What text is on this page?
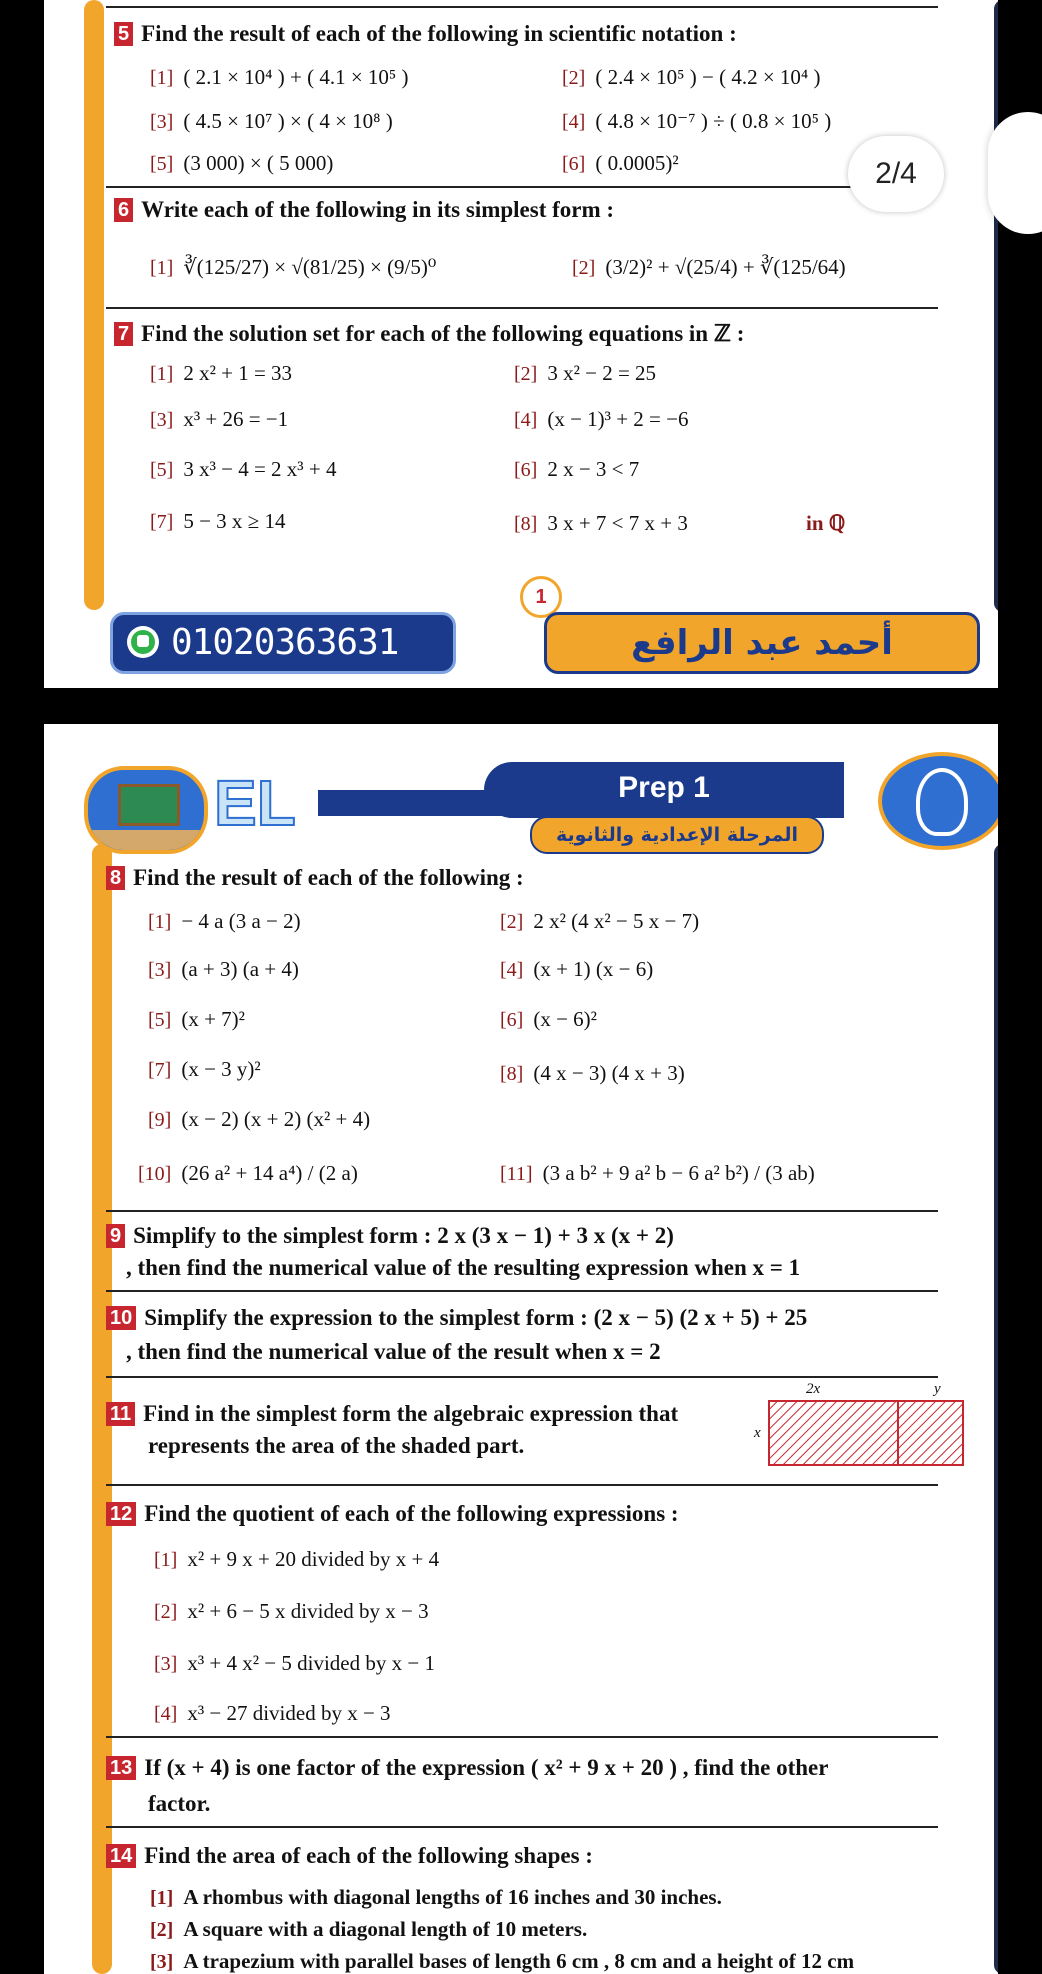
5 Find the result of each of the following in scientific notation :
[1] ( 2.1 × 10⁴ ) + ( 4.1 × 10⁵ )	[2] ( 2.4 × 10⁵ ) − ( 4.2 × 10⁴ )
[3] ( 4.5 × 10⁷ ) × ( 4 × 10⁸ )	[4] ( 4.8 × 10⁻⁷ ) ÷ ( 0.8 × 10⁵ )
[5] (3 000) × ( 5 000)	[6] ( 0.0005)²
6 Write each of the following in its simplest form :
[1] ∛(125/27) × √(81/25) × (9/5)⁰	[2] (3/2)² + √(25/4) + ∛(125/64)
7 Find the solution set for each of the following equations in ℤ :
[1] 2 x² + 1 = 33	[2] 3 x² − 2 = 25
[3] x³ + 26 = −1	[4] (x − 1)³ + 2 = −6
[5] 3 x³ − 4 = 2 x³ + 4	[6] 2 x − 3 < 7
[7] 5 − 3 x ≥ 14	[8] 3 x + 7 < 7 x + 3	in ℚ
1
01020363631	أحمد عبد الرافع
2/4
EL	Prep 1
المرحلة الإعدادية والثانوية
8 Find the result of each of the following :
[1] − 4 a (3 a − 2)	[2] 2 x² (4 x² − 5 x − 7)
[3] (a + 3) (a + 4)	[4] (x + 1) (x − 6)
[5] (x + 7)²	[6] (x − 6)²
[7] (x − 3 y)²	[8] (4 x − 3) (4 x + 3)
[9] (x − 2) (x + 2) (x² + 4)
[10] (26 a² + 14 a⁴) / (2 a)	[11] (3 a b² + 9 a² b − 6 a² b²) / (3 ab)
9 Simplify to the simplest form : 2 x (3 x − 1) + 3 x (x + 2)
, then find the numerical value of the resulting expression when x = 1
10 Simplify the expression to the simplest form : (2 x − 5) (2 x + 5) + 25
, then find the numerical value of the result when x = 2
11 Find in the simplest form the algebraic expression that
represents the area of the shaded part.
2x	y
x
12 Find the quotient of each of the following expressions :
[1] x² + 9 x + 20 divided by x + 4
[2] x² + 6 − 5 x divided by x − 3
[3] x³ + 4 x² − 5 divided by x − 1
[4] x³ − 27 divided by x − 3
13 If (x + 4) is one factor of the expression ( x² + 9 x + 20 ) , find the other
factor.
14 Find the area of each of the following shapes :
[1] A rhombus with diagonal lengths of 16 inches and 30 inches.
[2] A square with a diagonal length of 10 meters.
[3] A trapezium with parallel bases of length 6 cm , 8 cm and a height of 12 cm
